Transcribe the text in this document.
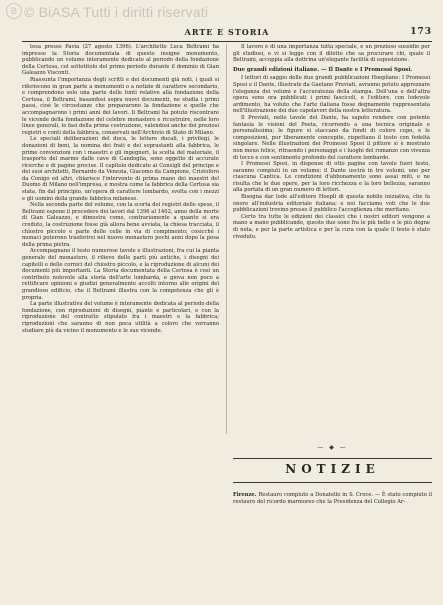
B © BiASA Tutti i diritti riservati
ARTE E STORIA	173

tesa presso Pavia (27 agosto 1396). L'architetto Luca Beltrami ha impresso la Storia documentata di questo insigne monumento, pubblicando un volume interamente dedicato al periodo della fondazione della Certosa, col sottotitolo del primo periodo durante il dominio di Gian Galeazzo Visconti.

Riassunta l'importanza degli scritti e dei documenti già noti, i quali si riferiscono in gran parte a monumenti o a notizie di carattere secondario, e comprendono solo una parte delle fonti relative alla fondazione della Certosa, il Beltrami, basandosi sopra nuovi documenti, ne studia i primi passi, cioè le circostanze che prepararono la fondazione e quelle che accompagnarono i primi anni dei lavori. Il Beltrami ha potuto riscontrare le vicende della fondazione del celebre monastero e ricostruire, nelle loro linee generali, le fasi della prima costruzione, valendosi anche dei preziosi registri e conti della fabbrica, conservati nell'Archivio di Stato di Milano.

Le speciali deliberazioni del duca, le lettere ducali, i privilegi, le donazioni di beni, la nomina dei frati e dei soprastanti alla fabbrica, le prime convenzioni con i maestri e gli ingegneri, la scelta del materiale, il trasporto del marmo dalle cave di Candoglia, sono oggetto di accurate ricerche e di pagine precise. Il capitolo dedicato ai Consigli del principe e dei suoi architetti, Bernardo da Venezia, Giacomo da Campione, Cristoforo da Conigo ed altri, chiarisce l'intervento di prima mano dei maestri del Duomo di Milano nell'impresa, e mostra come la fabbrica della Certosa sia stata, fin dal principio, un'opera di carattere lombardo, svolta con i mezzi e gli uomini della grande fabbrica milanese.

Nella seconda parte del volume, con la scorta dei registri delle spese, il Beltrami espone il procedere dei lavori dal 1396 al 1402, anno della morte di Gian Galeazzo, e dimostra come, contrariamente a quanto si era creduto, la costruzione fosse già allora bene avviata, la chiesa tracciata, il chiostro piccolo e parte delle celle in via di compimento; cosicché i monaci poterono trasferirsi nel nuovo monastero pochi anni dopo la posa della prima pietra.

Accompagnano il testo numerose tavole e illustrazioni, fra cui la pianta generale del monastero, il rilievo delle parti più antiche, i disegni dei capitelli e delle cornici del chiostro piccolo, e la riproduzione di alcuni dei documenti più importanti. La Storia documentata della Certosa è così un contributo notevole alla storia dell'arte lombarda, e giova non poco a rettificare opinioni e giudizi generalmente accolti intorno alle origini del grandioso edificio, che il Beltrami illustra con la competenza che gli è propria.

La parte illustrativa del volume è interamente dedicata al periodo della fondazione, con riproduzioni di disegni, piante e particolari, e con la riproduzione del contratto stipulato fra i maestri e la fabbrica; riproduzioni che saranno di non poca utilità a coloro che vorranno studiare più da vicino il monumento e le sue vicende.

Il lavoro è di una importanza tutta speciale, e un prezioso sussidio per gli studiosi, e vi si legge con il diletto che sa procurare chi, quale il Beltrami, accoppia alla dottrina un'elegante facilità di esposizione.

Due grandi edizioni italiane. — Il Dante e I Promessi Sposi.

I lettori di saggio delle due grandi pubblicazioni Hoepliane: I Promessi Sposi e il Dante, illustrate da Gaetano Previati, avranno potuto apprezzare l'eleganza dei volumi e l'accuratezza della stampa. Dell'una e dell'altra opera sono ora pubblicati i primi fascicoli, e l'editore, con lodevole ardimento, ha voluto che l'arte italiana fosse degnamente rappresentata nell'illustrazione dei due capolavori della nostra letteratura.

Il Previati, nelle tavole del Dante, ha saputo rendere con potente fantasia le visioni del Poeta, ricorrendo a una tecnica originale e personalissima; le figure si staccano da fondi di colore cupo, e le composizioni, pur liberamente concepite, rispettano il testo con fedeltà singolare. Nelle illustrazioni dei Promessi Sposi il pittore si è mostrato non meno felice, ritraendo i personaggi e i luoghi del romanzo con vivezza di tocco e con sentimento profondo del carattere lombardo.

I Promessi Sposi, in dispense di otto pagine con tavole fuori testo, saranno compiuti in un volume; il Dante uscirà in tre volumi, uno per ciascuna Cantica. Le condizioni d'abbonamento sono assai miti, e ne risulta che le due opere, per la loro ricchezza e la loro bellezza, saranno alla portata di un gran numero di lettori.

Bisogna dar lode all'editore Hoepli di questa nobile iniziativa, che fa onore all'industria editoriale italiana; e noi facciamo voti che le due pubblicazioni trovino presso il pubblico l'accoglienza che meritano.

Certo tra tutte le edizioni dei classici che i nostri editori vengono a mano a mano pubblicando, queste due sono fra le più belle e le più degne di nota, e per la parte artistica e per la cura con la quale il testo è stato riveduto.

— ◆ —
NOTIZIE
Firenze. Restauro compiuto a Donatello in S. Croce. — È stato compiuto il restauro del ricordo marmoreo che la Presidenza del Collegio Ar-
